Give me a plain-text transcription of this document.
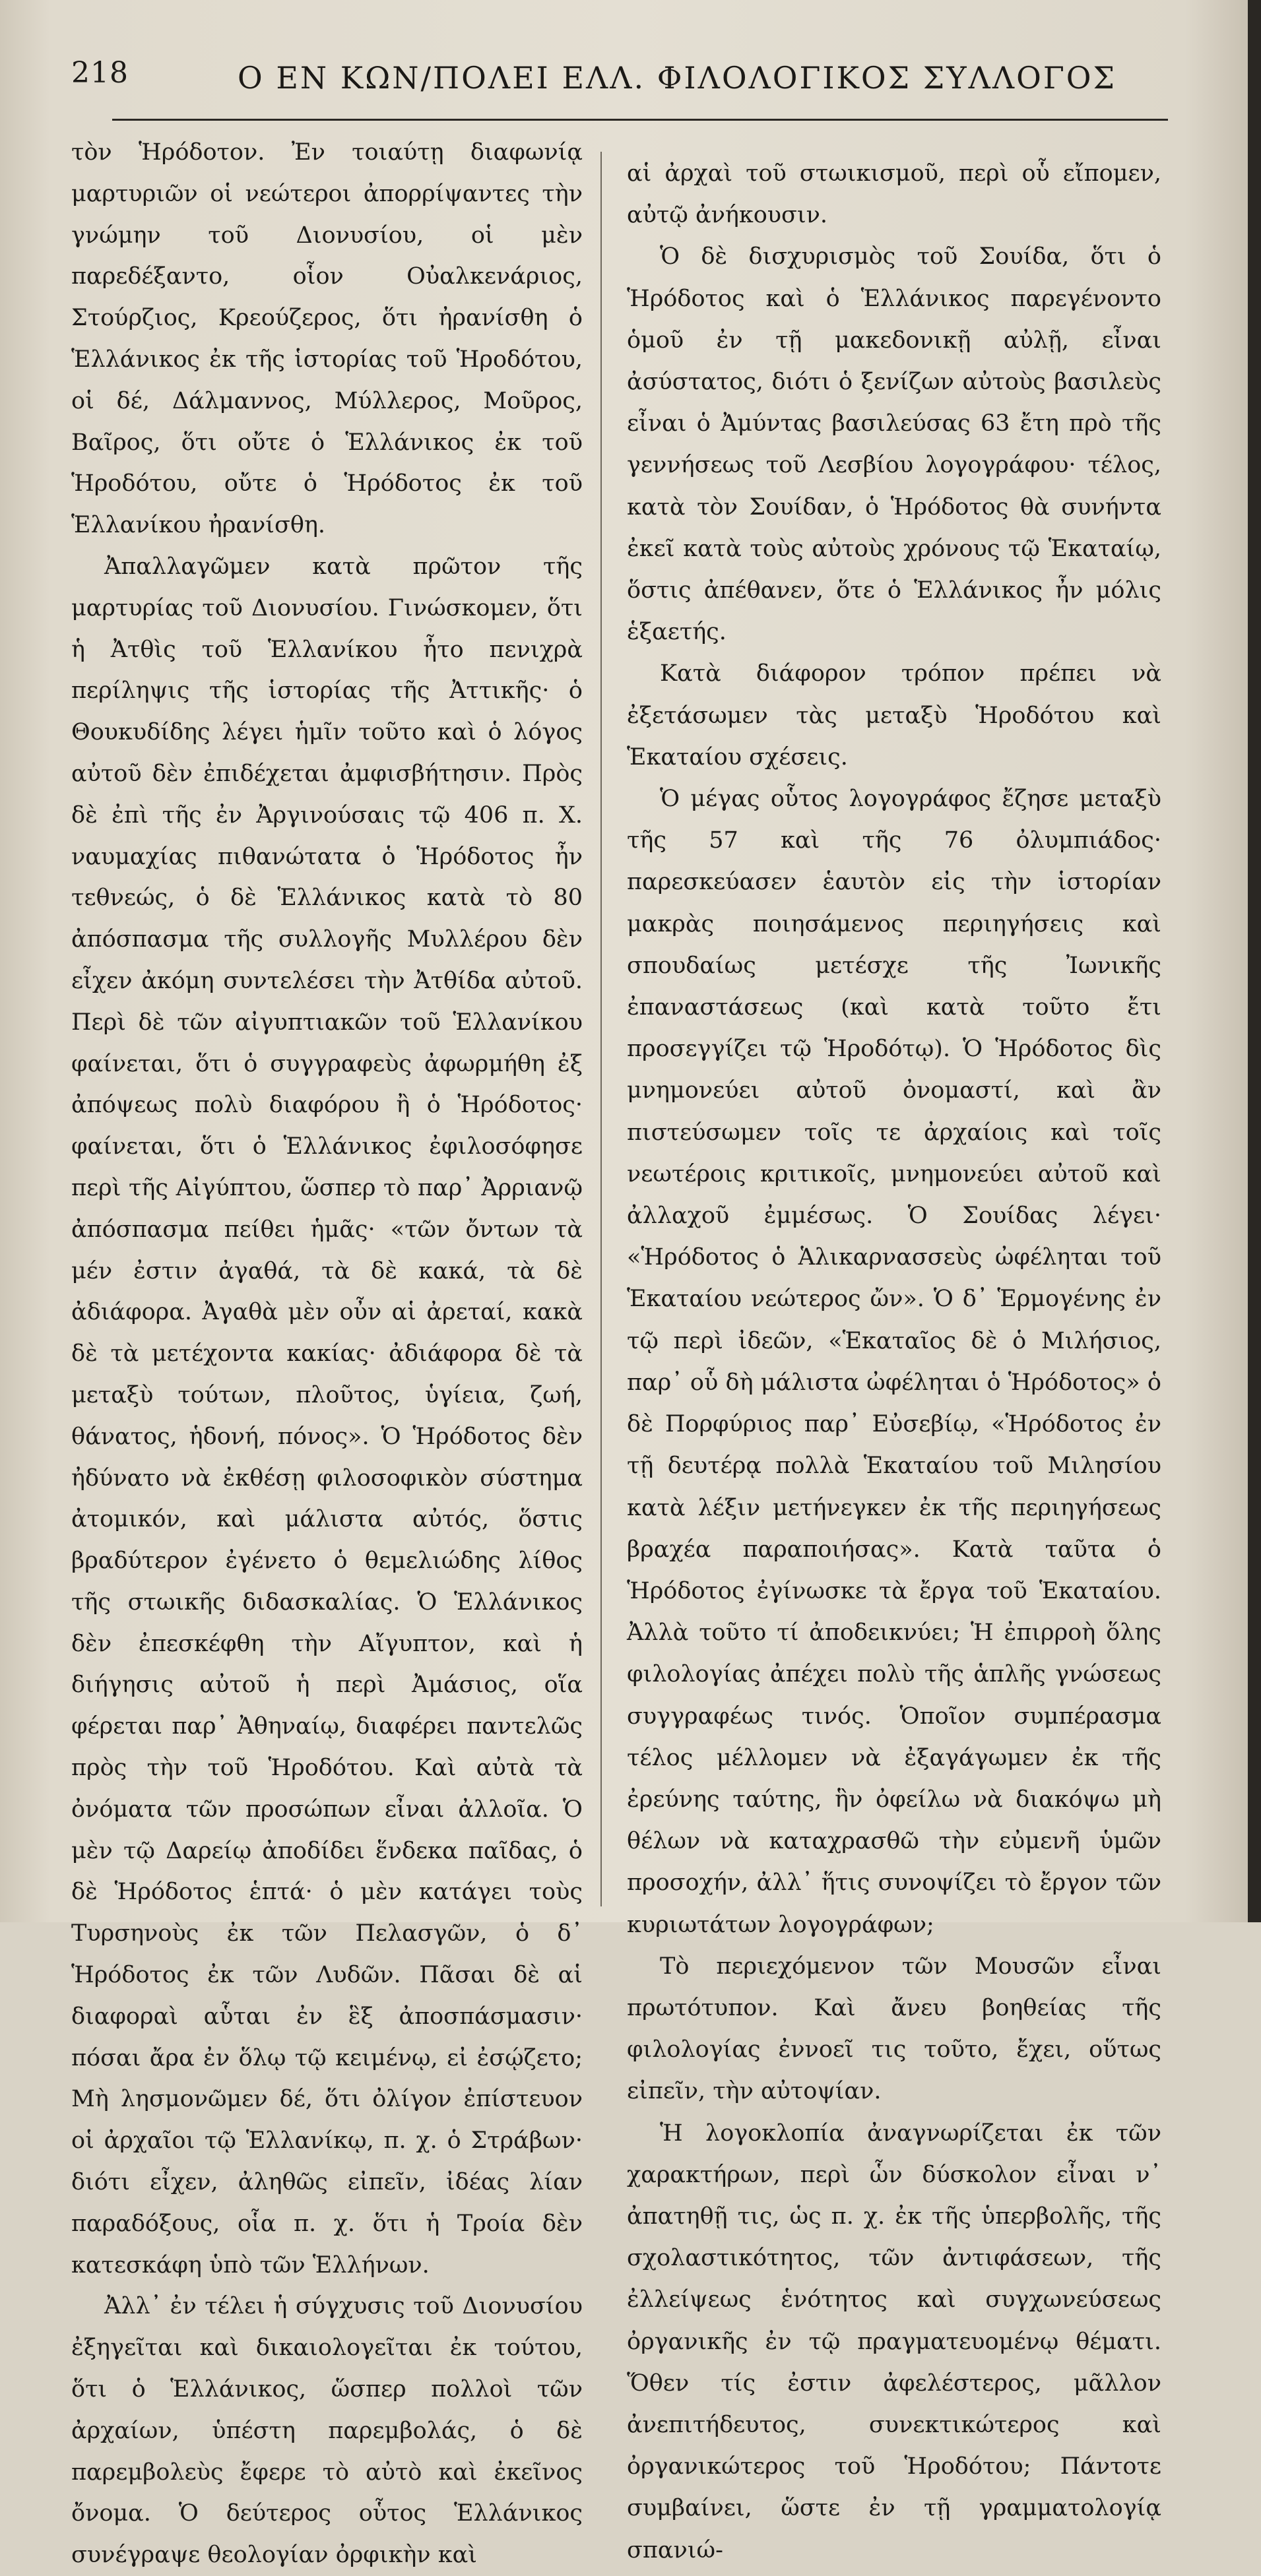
218	Ο ΕΝ ΚΩΝ/ΠΟΛΕΙ ΕΛΛ. ΦΙΛΟΛΟΓΙΚΟΣ ΣΥΛΛΟΓΟΣ

τὸν Ἡρόδοτον. Ἐν τοιαύτῃ διαφωνίᾳ μαρτυριῶν οἱ νεώτεροι ἀπορρίψαντες τὴν γνώμην τοῦ Διονυσίου, οἱ μὲν παρεδέξαντο, οἷον Οὐαλκενάριος, Στούρζιος, Κρεούζερος, ὅτι ἠρανίσθη ὁ Ἑλλάνικος ἐκ τῆς ἱστορίας τοῦ Ἡροδότου, οἱ δέ, Δάλμαννος, Μύλλερος, Μοῦρος, Βαῖρος, ὅτι οὔτε ὁ Ἑλλάνικος ἐκ τοῦ Ἡροδότου, οὔτε ὁ Ἡρόδοτος ἐκ τοῦ Ἑλλανίκου ἠρανίσθη.

Ἀπαλλαγῶμεν κατὰ πρῶτον τῆς μαρτυρίας τοῦ Διονυσίου. Γινώσκομεν, ὅτι ἡ Ἀτθὶς τοῦ Ἑλλανίκου ἦτο πενιχρὰ περίληψις τῆς ἱστορίας τῆς Ἀττικῆς· ὁ Θουκυδίδης λέγει ἡμῖν τοῦτο καὶ ὁ λόγος αὐτοῦ δὲν ἐπιδέχεται ἀμφισβήτησιν. Πρὸς δὲ ἐπὶ τῆς ἐν Ἀργινούσαις τῷ 406 π. Χ. ναυμαχίας πιθανώτατα ὁ Ἡρόδοτος ἦν τεθνεώς, ὁ δὲ Ἑλλάνικος κατὰ τὸ 80 ἀπόσπασμα τῆς συλλογῆς Μυλλέρου δὲν εἶχεν ἀκόμη συντελέσει τὴν Ἀτθίδα αὐτοῦ. Περὶ δὲ τῶν αἰγυπτιακῶν τοῦ Ἑλλανίκου φαίνεται, ὅτι ὁ συγγραφεὺς ἀφωρμήθη ἐξ ἀπόψεως πολὺ διαφόρου ἢ ὁ Ἡρόδοτος· φαίνεται, ὅτι ὁ Ἑλλάνικος ἐφιλοσόφησε περὶ τῆς Αἰγύπτου, ὥσπερ τὸ παρ᾽ Ἀρριανῷ ἀπόσπασμα πείθει ἡμᾶς· «τῶν ὄντων τὰ μέν ἐστιν ἀγαθά, τὰ δὲ κακά, τὰ δὲ ἀδιάφορα. Ἀγαθὰ μὲν οὖν αἱ ἀρεταί, κακὰ δὲ τὰ μετέχοντα κακίας· ἀδιάφορα δὲ τὰ μεταξὺ τούτων, πλοῦτος, ὑγίεια, ζωή, θάνατος, ἡδονή, πόνος». Ὁ Ἡρόδοτος δὲν ἠδύνατο νὰ ἐκθέσῃ φιλοσοφικὸν σύστημα ἀτομικόν, καὶ μάλιστα αὐτός, ὅστις βραδύτερον ἐγένετο ὁ θεμελιώδης λίθος τῆς στωικῆς διδασκαλίας. Ὁ Ἑλλάνικος δὲν ἐπεσκέφθη τὴν Αἴγυπτον, καὶ ἡ διήγησις αὐτοῦ ἡ περὶ Ἀμάσιος, οἵα φέρεται παρ᾽ Ἀθηναίῳ, διαφέρει παντελῶς πρὸς τὴν τοῦ Ἡροδότου. Καὶ αὐτὰ τὰ ὀνόματα τῶν προσώπων εἶναι ἀλλοῖα. Ὁ μὲν τῷ Δαρείῳ ἀποδίδει ἕνδεκα παῖδας, ὁ δὲ Ἡρόδοτος ἑπτά· ὁ μὲν κατάγει τοὺς Τυρσηνοὺς ἐκ τῶν Πελασγῶν, ὁ δ᾽ Ἡρόδοτος ἐκ τῶν Λυδῶν. Πᾶσαι δὲ αἱ διαφοραὶ αὗται ἐν ἓξ ἀποσπάσμασιν· πόσαι ἄρα ἐν ὅλῳ τῷ κειμένῳ, εἰ ἐσῴζετο; Μὴ λησμονῶμεν δέ, ὅτι ὀλίγον ἐπίστευον οἱ ἀρχαῖοι τῷ Ἑλλανίκῳ, π. χ. ὁ Στράβων· διότι εἶχεν, ἀληθῶς εἰπεῖν, ἰδέας λίαν παραδόξους, οἷα π. χ. ὅτι ἡ Τροία δὲν κατεσκάφη ὑπὸ τῶν Ἑλλήνων.

Ἀλλ᾽ ἐν τέλει ἡ σύγχυσις τοῦ Διονυσίου ἐξηγεῖται καὶ δικαιολογεῖται ἐκ τούτου, ὅτι ὁ Ἑλλάνικος, ὥσπερ πολλοὶ τῶν ἀρχαίων, ὑπέστη παρεμβολάς, ὁ δὲ παρεμβολεὺς ἔφερε τὸ αὐτὸ καὶ ἐκεῖνος ὄνομα. Ὁ δεύτερος οὗτος Ἑλλάνικος συνέγραψε θεολογίαν ὀρφικὴν καὶ

αἱ ἀρχαὶ τοῦ στωικισμοῦ, περὶ οὗ εἴπομεν, αὐτῷ ἀνήκουσιν.

Ὁ δὲ δισχυρισμὸς τοῦ Σουίδα, ὅτι ὁ Ἡρόδοτος καὶ ὁ Ἑλλάνικος παρεγένοντο ὁμοῦ ἐν τῇ μακεδονικῇ αὐλῇ, εἶναι ἀσύστατος, διότι ὁ ξενίζων αὐτοὺς βασιλεὺς εἶναι ὁ Ἀμύντας βασιλεύσας 63 ἔτη πρὸ τῆς γεννήσεως τοῦ Λεσβίου λογογράφου· τέλος, κατὰ τὸν Σουίδαν, ὁ Ἡρόδοτος θὰ συνήντα ἐκεῖ κατὰ τοὺς αὐτοὺς χρόνους τῷ Ἑκαταίῳ, ὅστις ἀπέθανεν, ὅτε ὁ Ἑλλάνικος ἦν μόλις ἑξαετής.

Κατὰ διάφορον τρόπον πρέπει νὰ ἐξετάσωμεν τὰς μεταξὺ Ἡροδότου καὶ Ἑκαταίου σχέσεις.

Ὁ μέγας οὗτος λογογράφος ἔζησε μεταξὺ τῆς 57 καὶ τῆς 76 ὀλυμπιάδος· παρεσκεύασεν ἑαυτὸν εἰς τὴν ἱστορίαν μακρὰς ποιησάμενος περιηγήσεις καὶ σπουδαίως μετέσχε τῆς Ἰωνικῆς ἐπαναστάσεως (καὶ κατὰ τοῦτο ἔτι προσεγγίζει τῷ Ἡροδότῳ). Ὁ Ἡρόδοτος δὶς μνημονεύει αὐτοῦ ὀνομαστί, καὶ ἂν πιστεύσωμεν τοῖς τε ἀρχαίοις καὶ τοῖς νεωτέροις κριτικοῖς, μνημονεύει αὐτοῦ καὶ ἀλλαχοῦ ἐμμέσως. Ὁ Σουίδας λέγει· «Ἡρόδοτος ὁ Ἁλικαρνασσεὺς ὠφέληται τοῦ Ἑκαταίου νεώτερος ὤν». Ὁ δ᾽ Ἑρμογένης ἐν τῷ περὶ ἰδεῶν, «Ἑκαταῖος δὲ ὁ Μιλήσιος, παρ᾽ οὗ δὴ μάλιστα ὠφέληται ὁ Ἡρόδοτος» ὁ δὲ Πορφύριος παρ᾽ Εὐσεβίῳ, «Ἡρόδοτος ἐν τῇ δευτέρᾳ πολλὰ Ἑκαταίου τοῦ Μιλησίου κατὰ λέξιν μετήνεγκεν ἐκ τῆς περιηγήσεως βραχέα παραποιήσας». Κατὰ ταῦτα ὁ Ἡρόδοτος ἐγίνωσκε τὰ ἔργα τοῦ Ἑκαταίου. Ἀλλὰ τοῦτο τί ἀποδεικνύει; Ἡ ἐπιρροὴ ὅλης φιλολογίας ἀπέχει πολὺ τῆς ἁπλῆς γνώσεως συγγραφέως τινός. Ὁποῖον συμπέρασμα τέλος μέλλομεν νὰ ἐξαγάγωμεν ἐκ τῆς ἐρεύνης ταύτης, ἣν ὀφείλω νὰ διακόψω μὴ θέλων νὰ καταχρασθῶ τὴν εὐμενῆ ὑμῶν προσοχήν, ἀλλ᾽ ἥτις συνοψίζει τὸ ἔργον τῶν κυριωτάτων λογογράφων;

Τὸ περιεχόμενον τῶν Μουσῶν εἶναι πρωτότυπον. Καὶ ἄνευ βοηθείας τῆς φιλολογίας ἐννοεῖ τις τοῦτο, ἔχει, οὕτως εἰπεῖν, τὴν αὐτοψίαν.

Ἡ λογοκλοπία ἀναγνωρίζεται ἐκ τῶν χαρακτήρων, περὶ ὧν δύσκολον εἶναι ν᾽ ἀπατηθῇ τις, ὡς π. χ. ἐκ τῆς ὑπερβολῆς, τῆς σχολαστικότητος, τῶν ἀντιφάσεων, τῆς ἐλλείψεως ἑνότητος καὶ συγχωνεύσεως ὀργανικῆς ἐν τῷ πραγματευομένῳ θέματι. Ὅθεν τίς ἐστιν ἀφελέστερος, μᾶλλον ἀνεπιτήδευτος, συνεκτικώτερος καὶ ὀργανικώτερος τοῦ Ἡροδότου; Πάντοτε συμβαίνει, ὥστε ἐν τῇ γραμματολογίᾳ σπανιώ-
